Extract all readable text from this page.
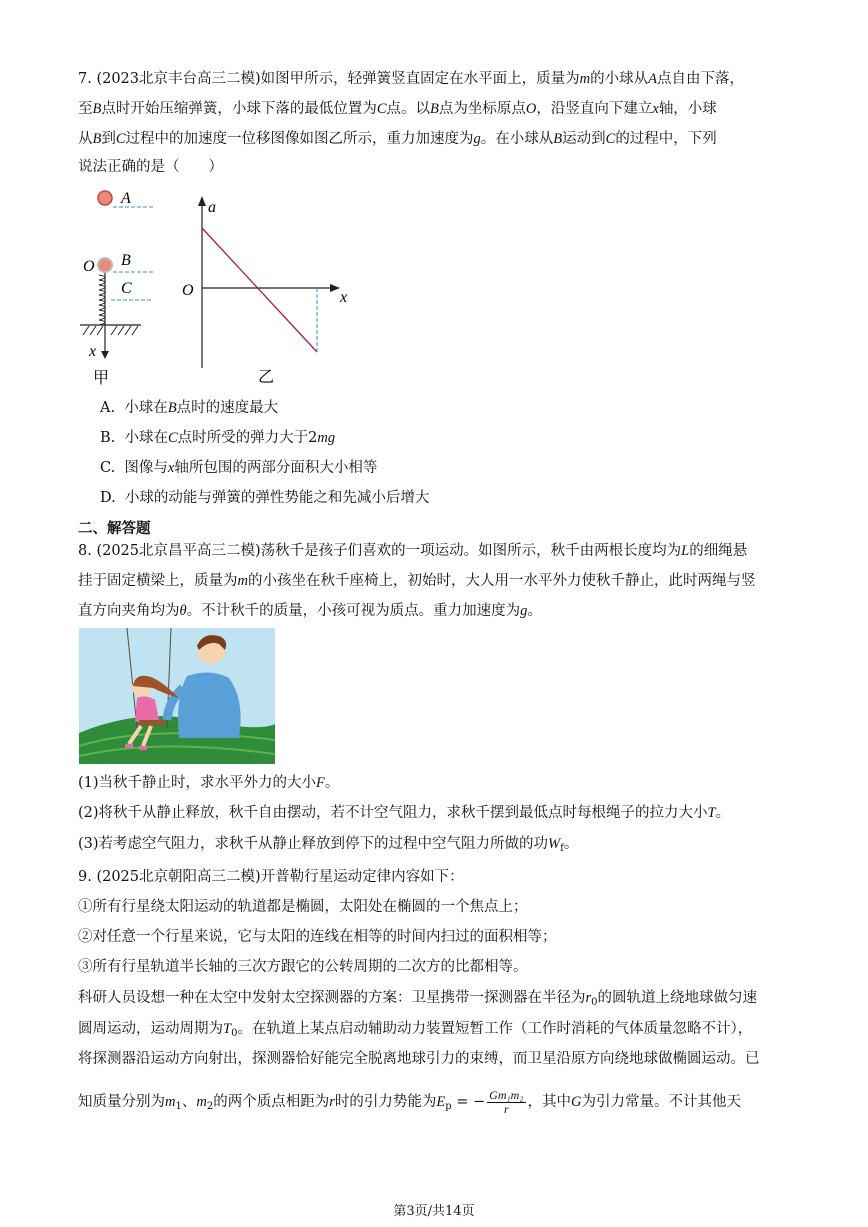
7. (2023北京丰台高三二模)如图甲所示，轻弹簧竖直固定在水平面上，质量为m的小球从A点自由下落，
至B点时开始压缩弹簧，小球下落的最低位置为C点。以B点为坐标原点O，沿竖直向下建立x轴，小球
从B到C过程中的加速度一位移图像如图乙所示，重力加速度为g。在小球从B运动到C的过程中，下列
说法正确的是（　　）
A
O B
C
x
甲
a
O	x
乙
A. 小球在B点时的速度最大
B. 小球在C点时所受的弹力大于2mg
C. 图像与x轴所包围的两部分面积大小相等
D. 小球的动能与弹簧的弹性势能之和先减小后增大
二、解答题
8. (2025北京昌平高三二模)荡秋千是孩子们喜欢的一项运动。如图所示，秋千由两根长度均为L的细绳悬
挂于固定横梁上，质量为m的小孩坐在秋千座椅上，初始时，大人用一水平外力使秋千静止，此时两绳与竖
直方向夹角均为θ。不计秋千的质量，小孩可视为质点。重力加速度为g。
(1)当秋千静止时，求水平外力的大小F。
(2)将秋千从静止释放，秋千自由摆动，若不计空气阻力，求秋千摆到最低点时每根绳子的拉力大小T。
(3)若考虑空气阻力，求秋千从静止释放到停下的过程中空气阻力所做的功$W_f$。
9. (2025北京朝阳高三二模)开普勒行星运动定律内容如下：
①所有行星绕太阳运动的轨道都是椭圆，太阳处在椭圆的一个焦点上；
②对任意一个行星来说，它与太阳的连线在相等的时间内扫过的面积相等；
③所有行星轨道半长轴的三次方跟它的公转周期的二次方的比都相等。
科研人员设想一种在太空中发射太空探测器的方案：卫星携带一探测器在半径为$r_0$的圆轨道上绕地球做匀速
圆周运动，运动周期为$T_0$。在轨道上某点启动辅助动力装置短暂工作（工作时消耗的气体质量忽略不计），
将探测器沿运动方向射出，探测器恰好能完全脱离地球引力的束缚，而卫星沿原方向绕地球做椭圆运动。已
知质量分别为$m_1$、$m_2$的两个质点相距为r时的引力势能为$E_p$ = − $\frac{\text{Gm₁m₂}}{r}$ ，其中G为引力常量。不计其他天
第3页/共14页
